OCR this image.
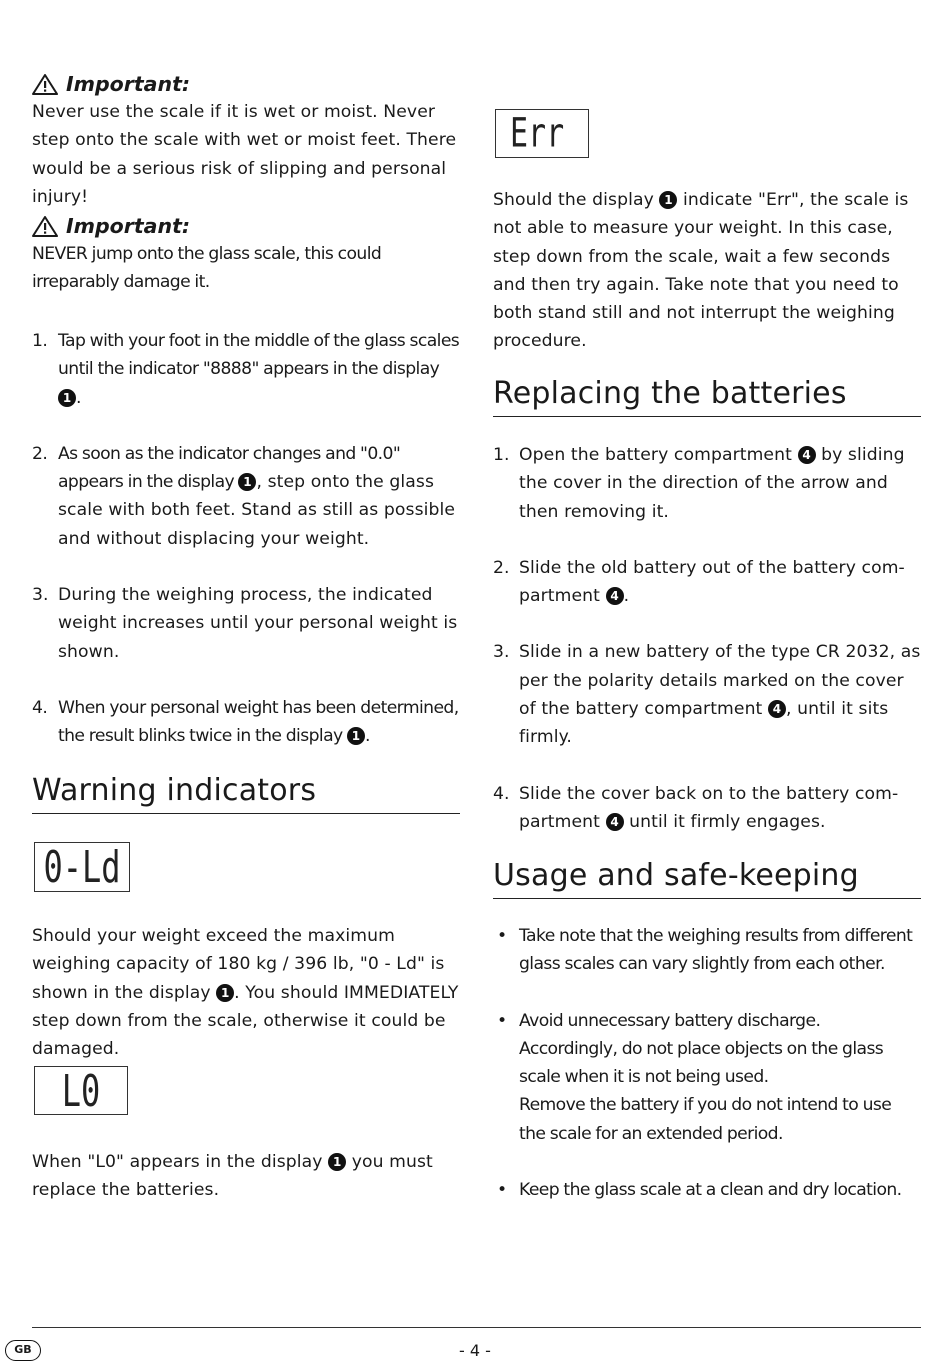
Important:
Never use the scale if it is wet or moist. Never step onto the scale with wet or moist feet. There would be a serious risk of slipping and personal injury!
Important:
NEVER jump onto the glass scale, this could irreparably damage it.
1. Tap with your foot in the middle of the glass scales until the indicator "8888" appears in the display 1 .
2. As soon as the indicator changes and "0.0" appears in the display 1 , step onto the glass scale with both feet. Stand as still as possible and without displacing your weight.
3. During the weighing process, the indicated weight increases until your personal weight is shown.
4. When your personal weight has been determined, the result blinks twice in the display 1 .
Warning indicators
0-Ld
Should your weight exceed the maximum weighing capacity of 180 kg / 396 lb, "0 - Ld" is shown in the display 1 . You should IMMEDIATELY step down from the scale, otherwise it could be damaged.
L0
When "L0" appears in the display 1 you must replace the batteries.
Err
Should the display 1 indicate "Err", the scale is not able to measure your weight. In this case, step down from the scale, wait a few seconds and then try again. Take note that you need to both stand still and not interrupt the weighing procedure.
Replacing the batteries
1. Open the battery compartment 4 by sliding the cover in the direction of the arrow and then removing it.
2. Slide the old battery out of the battery com-partment 4 .
3. Slide in a new battery of the type CR 2032, as per the polarity details marked on the cover of the battery compartment 4 , until it sits firmly.
4. Slide the cover back on to the battery com-partment 4 until it firmly engages.
Usage and safe-keeping
• Take note that the weighing results from different glass scales can vary slightly from each other.
• Avoid unnecessary battery discharge. Accordingly, do not place objects on the glass scale when it is not being used.
Remove the battery if you do not intend to use the scale for an extended period.
• Keep the glass scale at a clean and dry location.
GB	- 4 -
